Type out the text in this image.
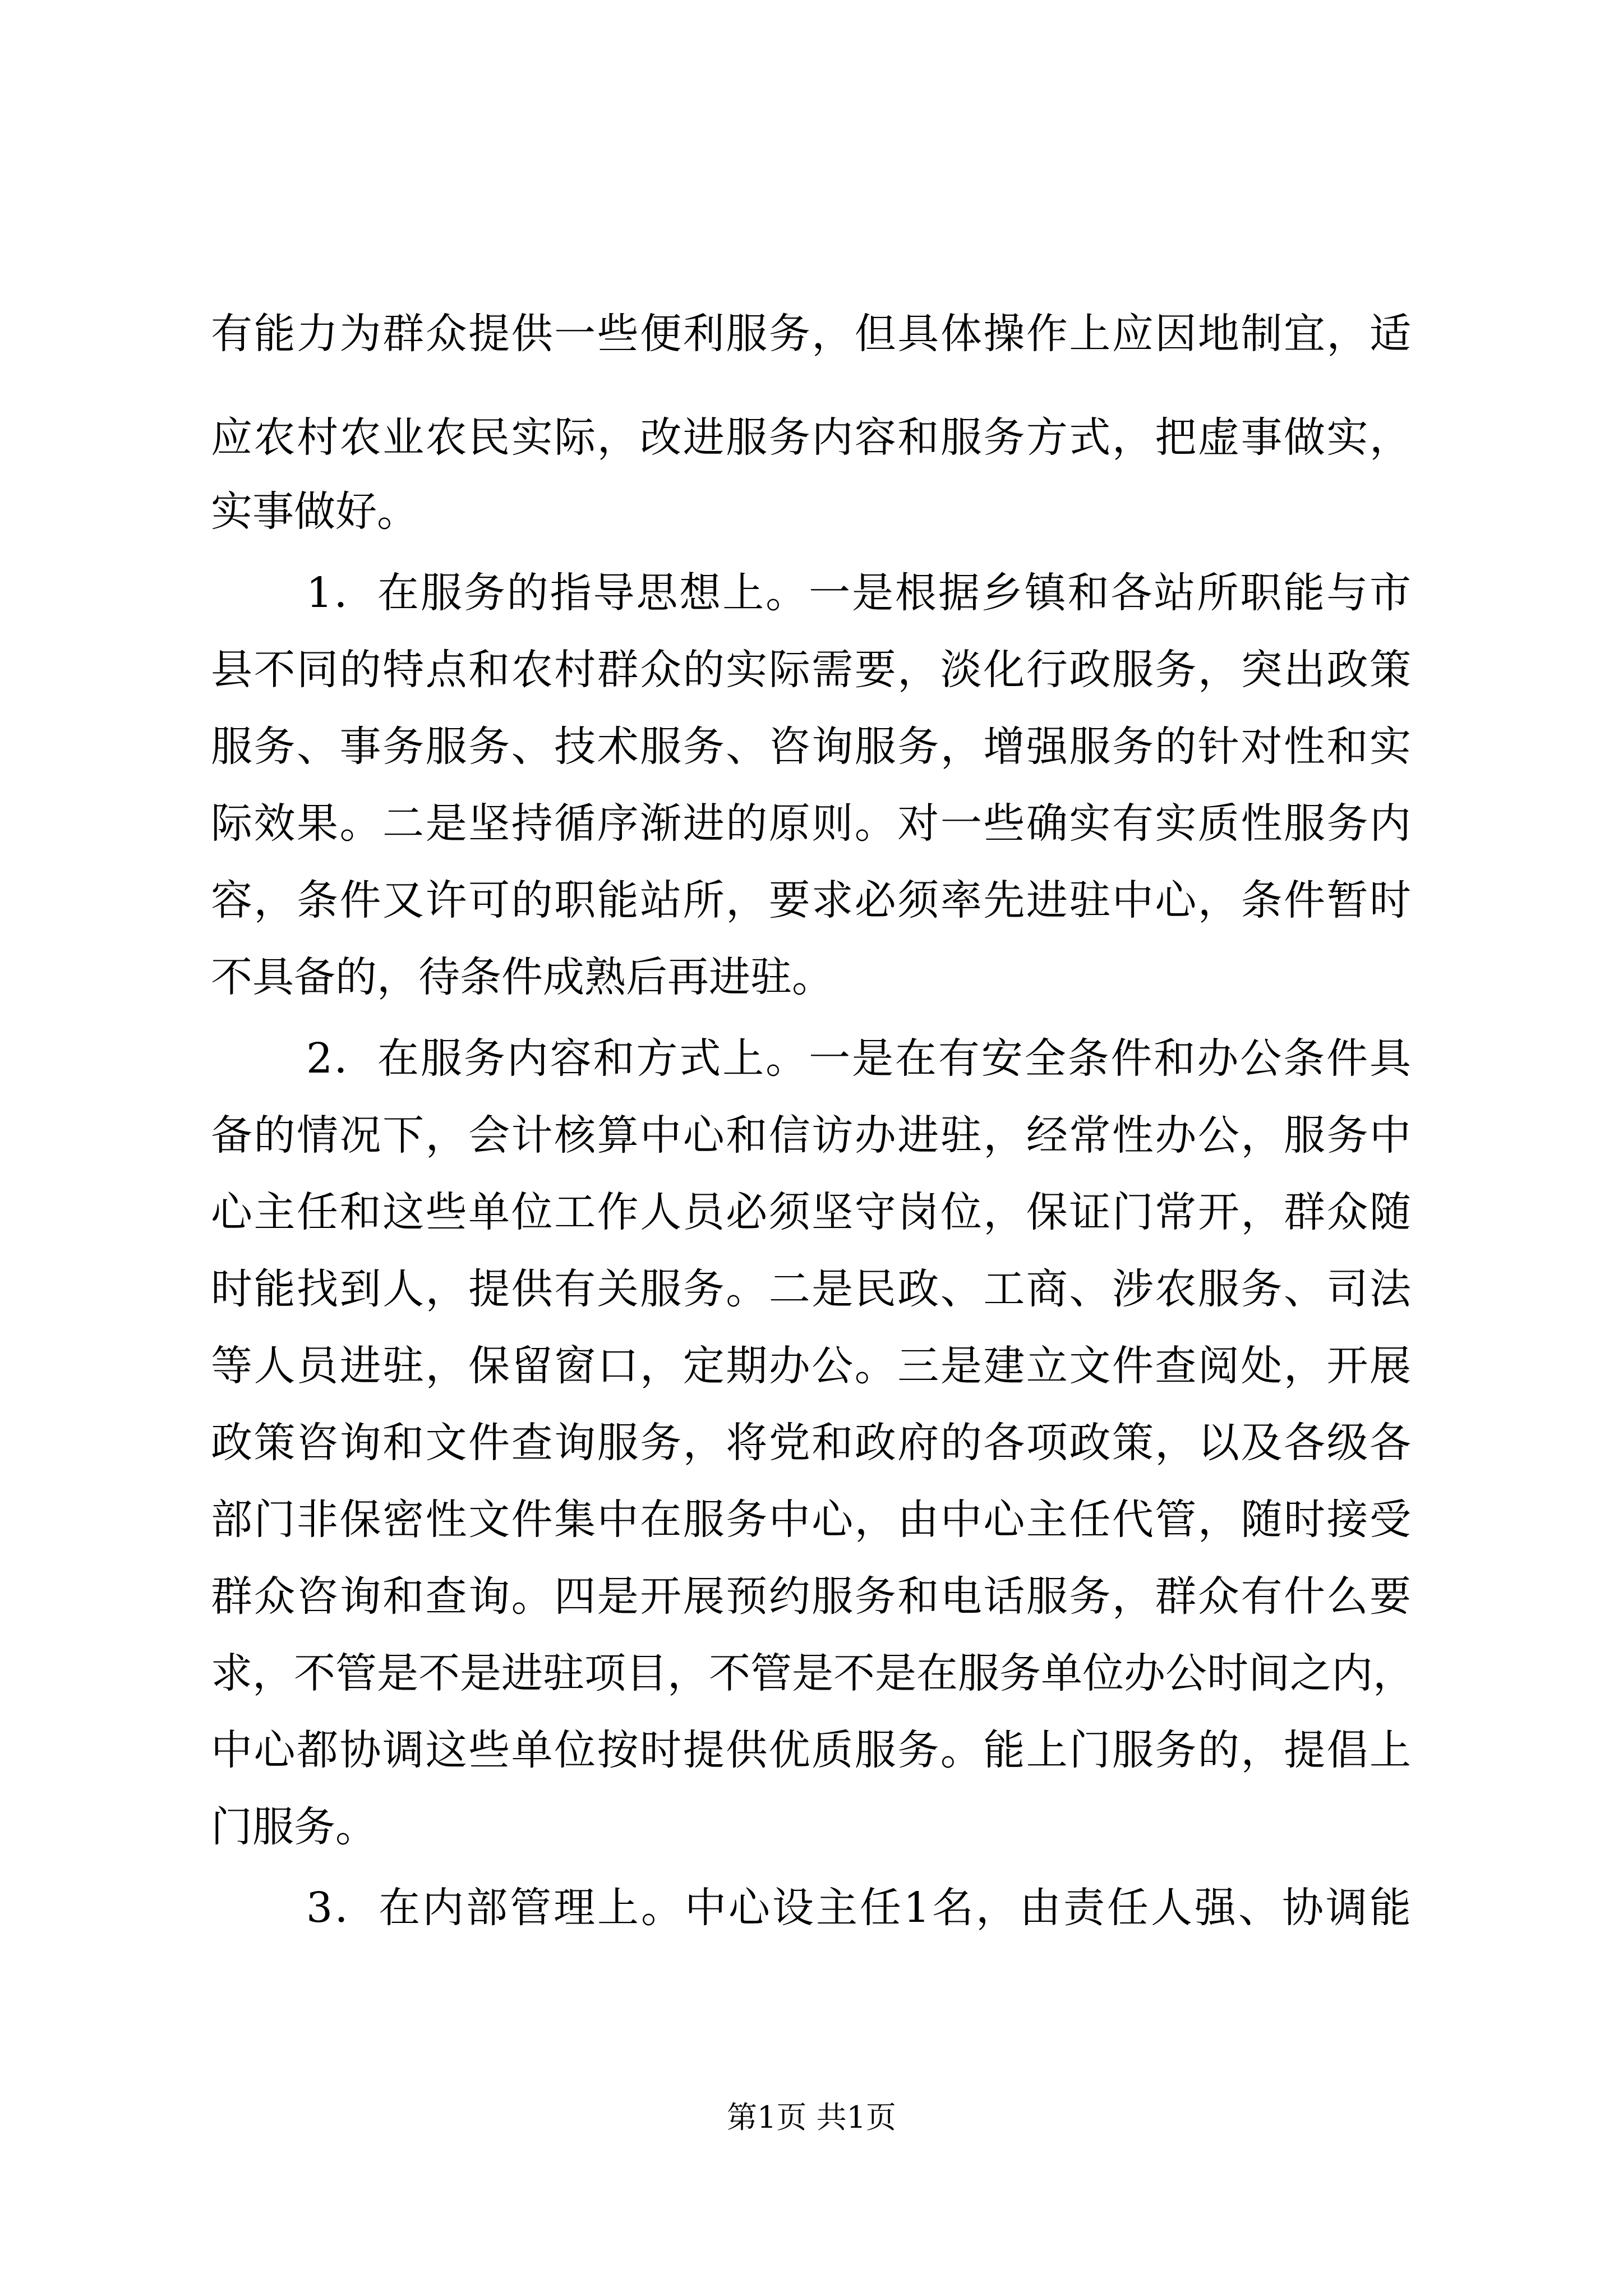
有能力为群众提供一些便利服务，但具体操作上应因地制宜，适
应农村农业农民实际，改进服务内容和服务方式，把虚事做实，
实事做好。
1．在服务的指导思想上。一是根据乡镇和各站所职能与市
县不同的特点和农村群众的实际需要，淡化行政服务，突出政策
服务、事务服务、技术服务、咨询服务，增强服务的针对性和实
际效果。二是坚持循序渐进的原则。对一些确实有实质性服务内
容，条件又许可的职能站所，要求必须率先进驻中心，条件暂时
不具备的，待条件成熟后再进驻。
2．在服务内容和方式上。一是在有安全条件和办公条件具
备的情况下，会计核算中心和信访办进驻，经常性办公，服务中
心主任和这些单位工作人员必须坚守岗位，保证门常开，群众随
时能找到人，提供有关服务。二是民政、工商、涉农服务、司法
等人员进驻，保留窗口，定期办公。三是建立文件查阅处，开展
政策咨询和文件查询服务，将党和政府的各项政策，以及各级各
部门非保密性文件集中在服务中心，由中心主任代管，随时接受
群众咨询和查询。四是开展预约服务和电话服务，群众有什么要
求，不管是不是进驻项目，不管是不是在服务单位办公时间之内，
中心都协调这些单位按时提供优质服务。能上门服务的，提倡上
门服务。
3．在内部管理上。中心设主任1名，由责任人强、协调能
第1页 共1页
